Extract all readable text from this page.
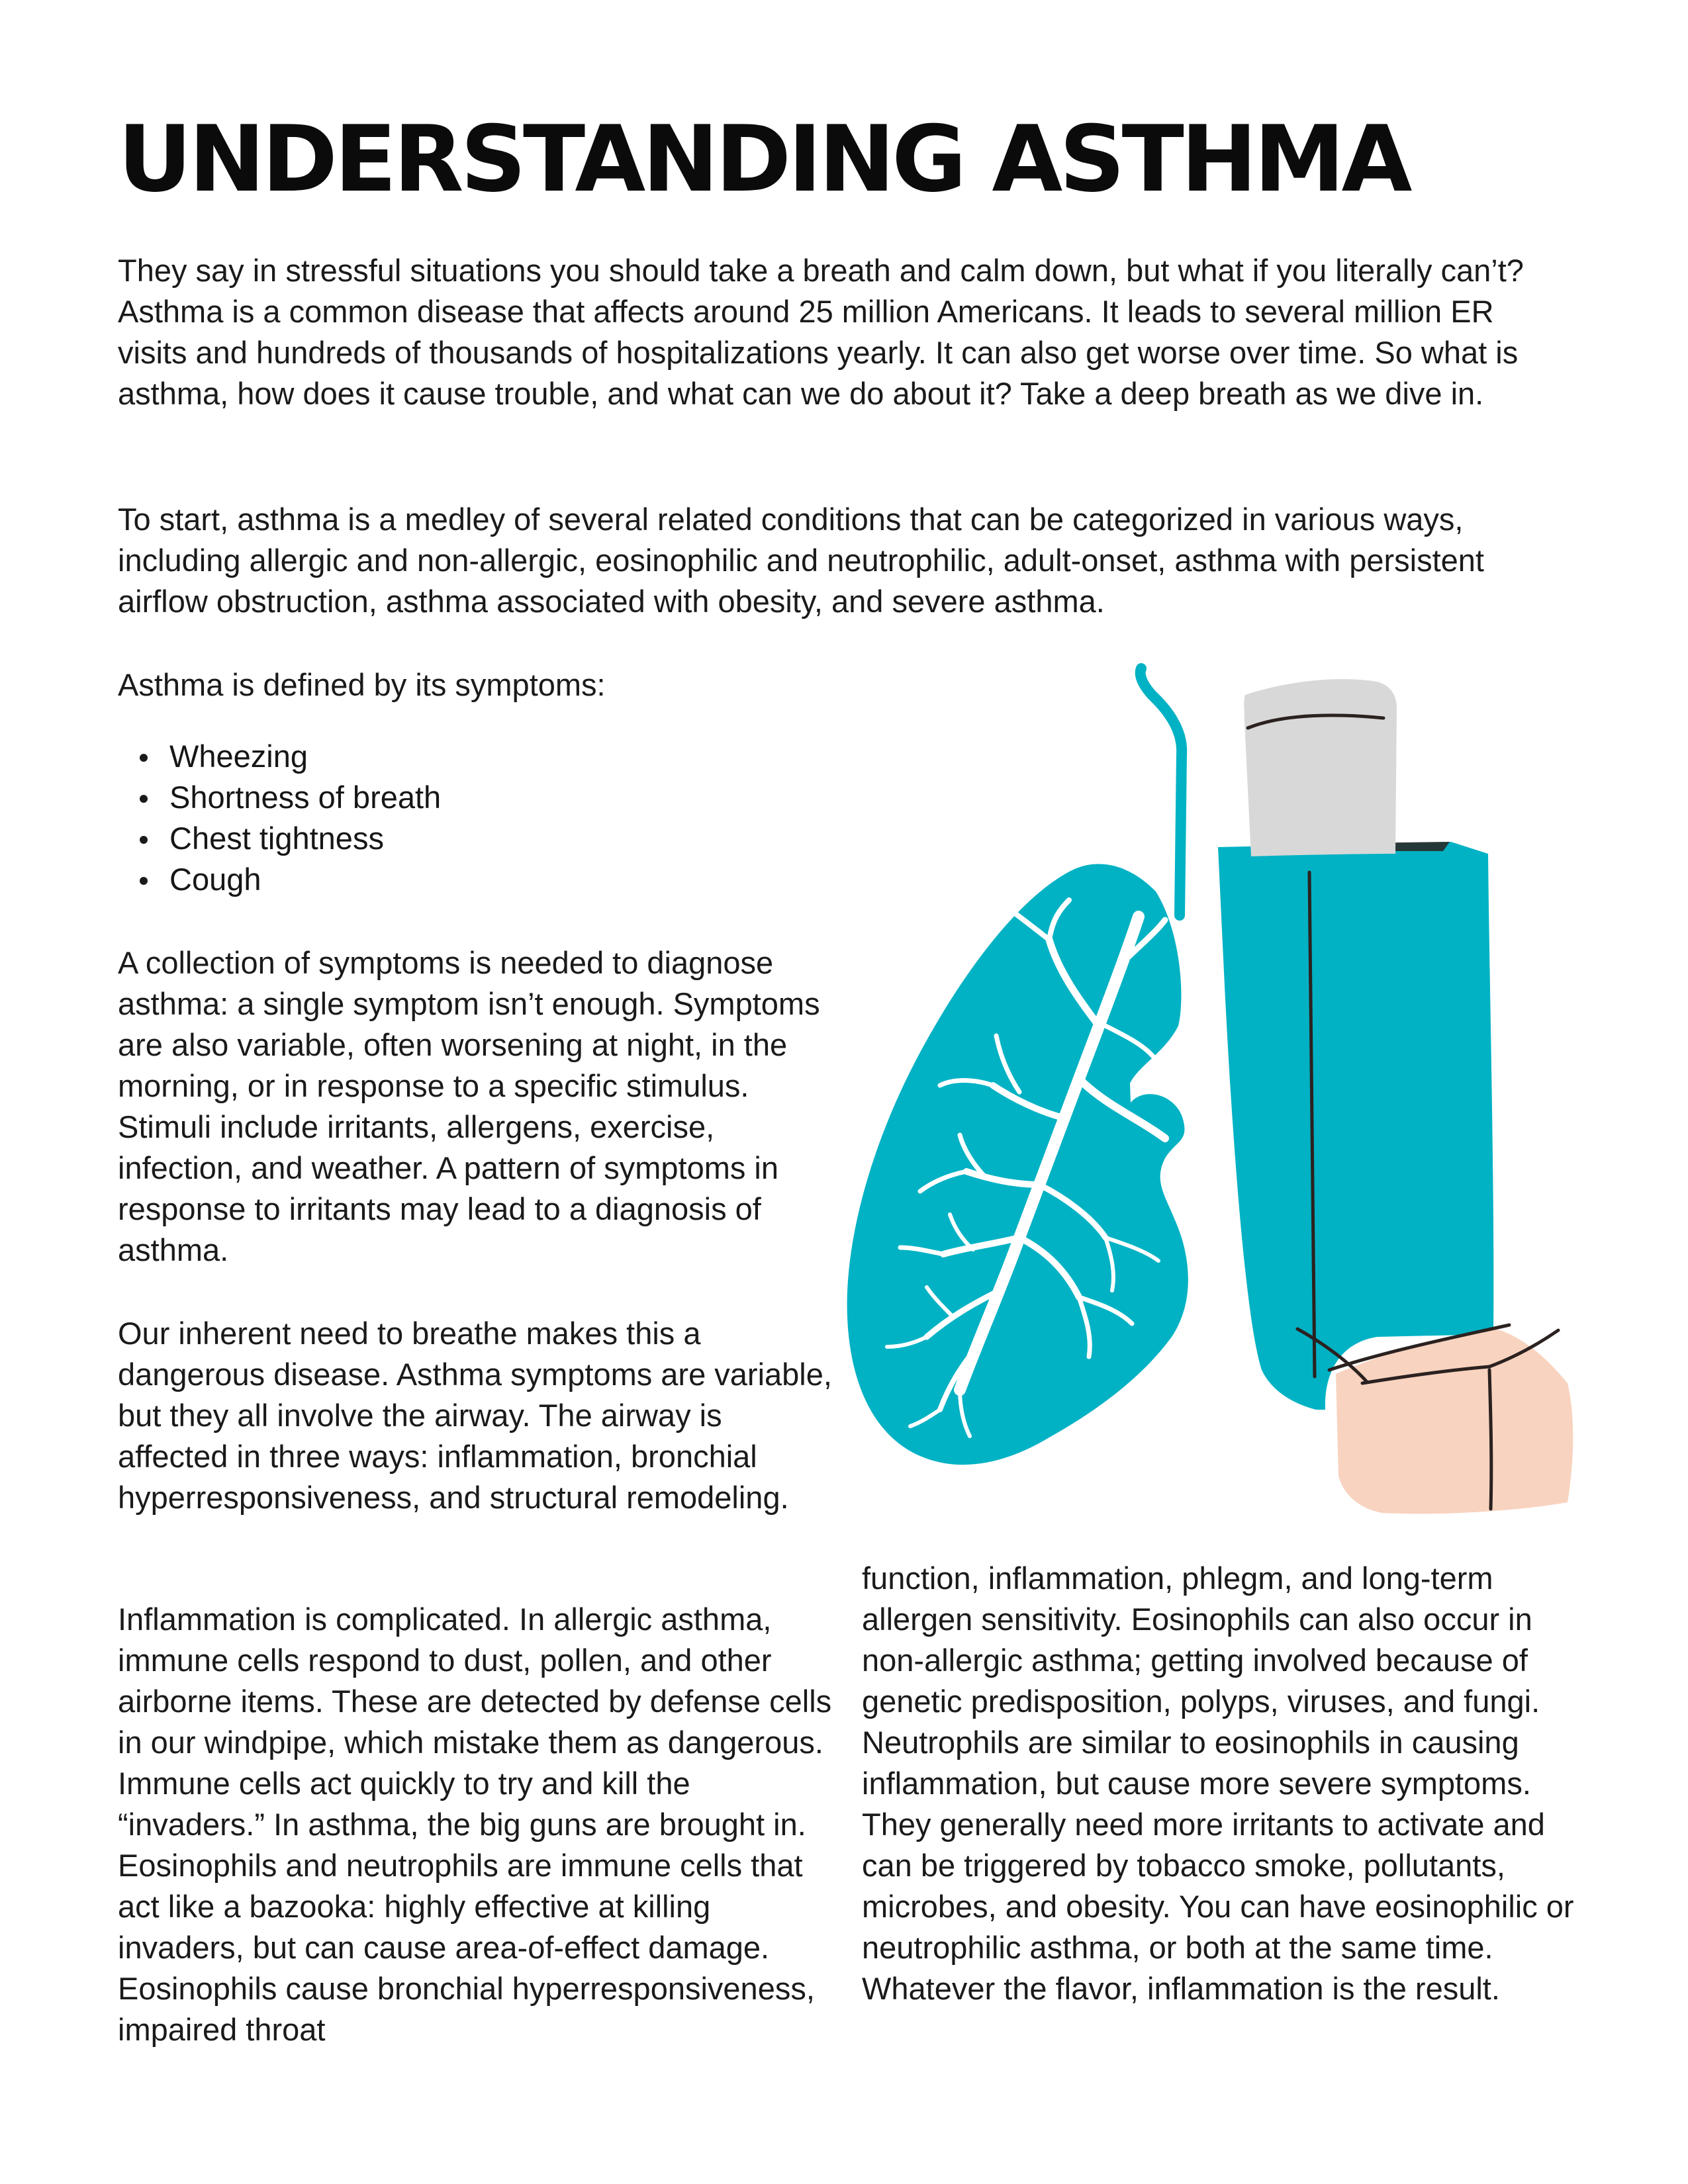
UNDERSTANDING ASTHMA

They say in stressful situations you should take a breath and calm down, but what if you literally can’t? Asthma is a common disease that affects around 25 million Americans. It leads to several million ER visits and hundreds of thousands of hospitalizations yearly. It can also get worse over time. So what is asthma, how does it cause trouble, and what can we do about it? Take a deep breath as we dive in.

To start, asthma is a medley of several related conditions that can be categorized in various ways, including allergic and non-allergic, eosinophilic and neutrophilic, adult-onset, asthma with persistent airflow obstruction, asthma associated with obesity, and severe asthma.

Asthma is defined by its symptoms:

Wheezing
Shortness of breath
Chest tightness
Cough

A collection of symptoms is needed to diagnose asthma: a single symptom isn’t enough. Symptoms are also variable, often worsening at night, in the morning, or in response to a specific stimulus. Stimuli include irritants, allergens, exercise, infection, and weather. A pattern of symptoms in response to irritants may lead to a diagnosis of asthma.

Our inherent need to breathe makes this a dangerous disease. Asthma symptoms are variable, but they all involve the airway. The airway is affected in three ways: inflammation, bronchial hyperresponsiveness, and structural remodeling.

Inflammation is complicated. In allergic asthma, immune cells respond to dust, pollen, and other airborne items. These are detected by defense cells in our windpipe, which mistake them as dangerous. Immune cells act quickly to try and kill the “invaders.” In asthma, the big guns are brought in. Eosinophils and neutrophils are immune cells that act like a bazooka: highly effective at killing invaders, but can cause area-of-effect damage. Eosinophils cause bronchial hyperresponsiveness, impaired throat

function, inflammation, phlegm, and long-term allergen sensitivity. Eosinophils can also occur in non-allergic asthma; getting involved because of genetic predisposition, polyps, viruses, and fungi. Neutrophils are similar to eosinophils in causing inflammation, but cause more severe symptoms. They generally need more irritants to activate and can be triggered by tobacco smoke, pollutants, microbes, and obesity. You can have eosinophilic or neutrophilic asthma, or both at the same time. Whatever the flavor, inflammation is the result.
